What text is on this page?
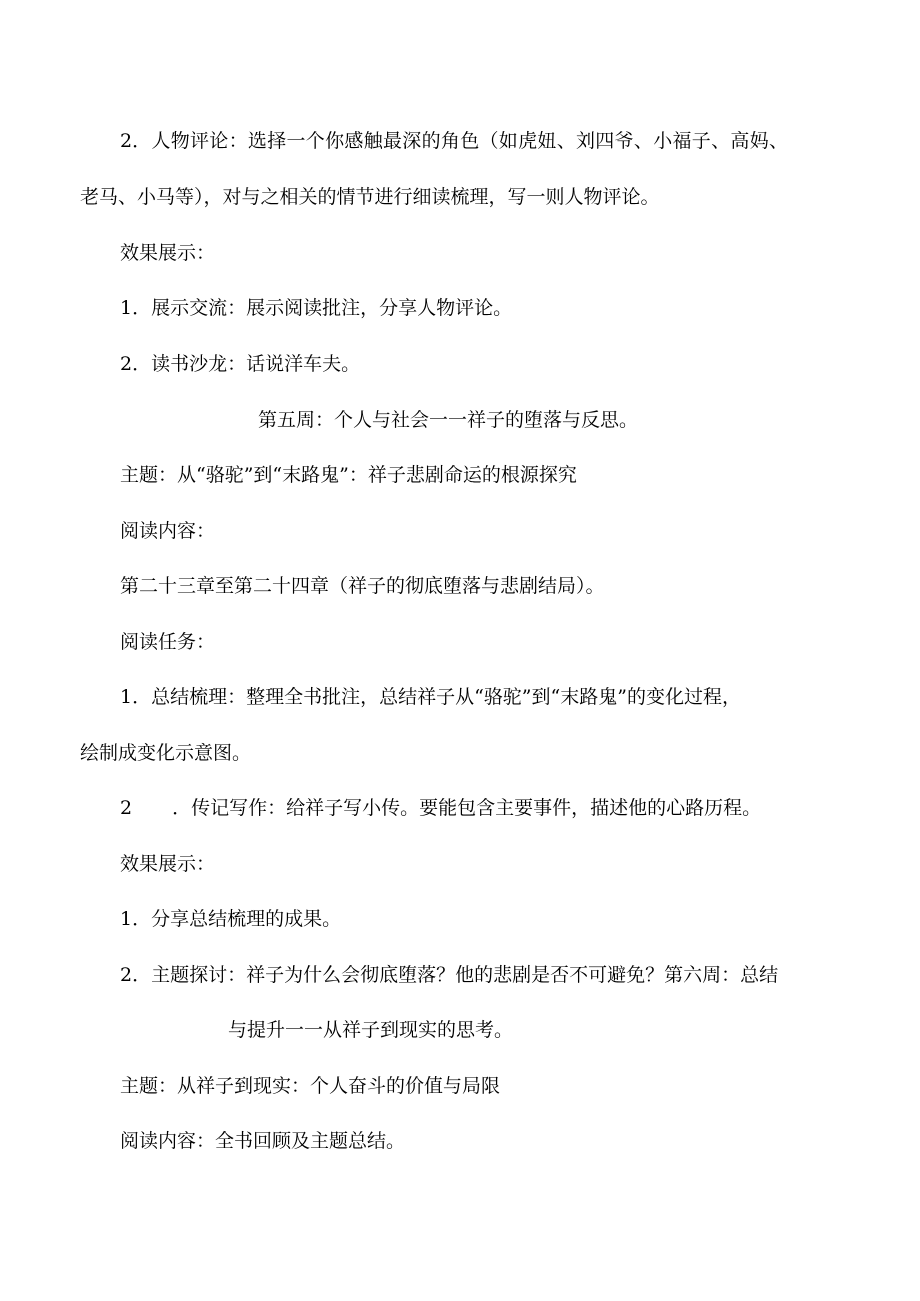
2．人物评论：选择一个你感触最深的角色（如虎妞、刘四爷、小福子、高妈、
老马、小马等），对与之相关的情节进行细读梳理，写一则人物评论。
效果展示：
1．展示交流：展示阅读批注，分享人物评论。
2．读书沙龙：话说洋车夫。
第五周：个人与社会一一祥子的堕落与反思。
主题：从“骆驼”到“末路鬼”：祥子悲剧命运的根源探究
阅读内容：
第二十三章至第二十四章（祥子的彻底堕落与悲剧结局）。
阅读任务：
1．总结梳理：整理全书批注，总结祥子从“骆驼”到“末路鬼”的变化过程，
绘制成变化示意图。
2 ．传记写作：给祥子写小传。要能包含主要事件，描述他的心路历程。
效果展示：
1．分享总结梳理的成果。
2．主题探讨：祥子为什么会彻底堕落？他的悲剧是否不可避免？第六周：总结
与提升一一从祥子到现实的思考。
主题：从祥子到现实：个人奋斗的价值与局限
阅读内容：全书回顾及主题总结。
